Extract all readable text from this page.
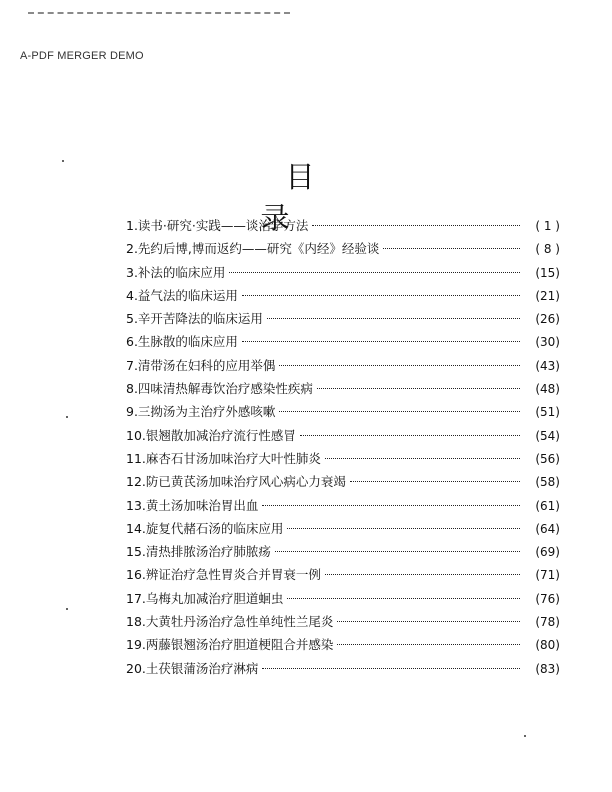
A-PDF MERGER DEMO
目 录
1.读书·研究·实践——谈治学方法	( 1 )
2.先约后博,博而返约——研究《内经》经验谈	( 8 )
3.补法的临床应用	(15)
4.益气法的临床运用	(21)
5.辛开苦降法的临床运用	(26)
6.生脉散的临床应用	(30)
7.清带汤在妇科的应用举偶	(43)
8.四味清热解毒饮治疗感染性疾病	(48)
9.三拗汤为主治疗外感咳嗽	(51)
10.银翘散加减治疗流行性感冒	(54)
11.麻杏石甘汤加味治疗大叶性肺炎	(56)
12.防已黄芪汤加味治疗风心病心力衰竭	(58)
13.黄土汤加味治胃出血	(61)
14.旋复代赭石汤的临床应用	(64)
15.清热排脓汤治疗肺脓疡	(69)
16.辨证治疗急性胃炎合并胃衰一例	(71)
17.乌梅丸加减治疗胆道蛔虫	(76)
18.大黄牡丹汤治疗急性单纯性兰尾炎	(78)
19.两藤银翘汤治疗胆道梗阻合并感染	(80)
20.土茯银蒲汤治疗淋病	(83)
